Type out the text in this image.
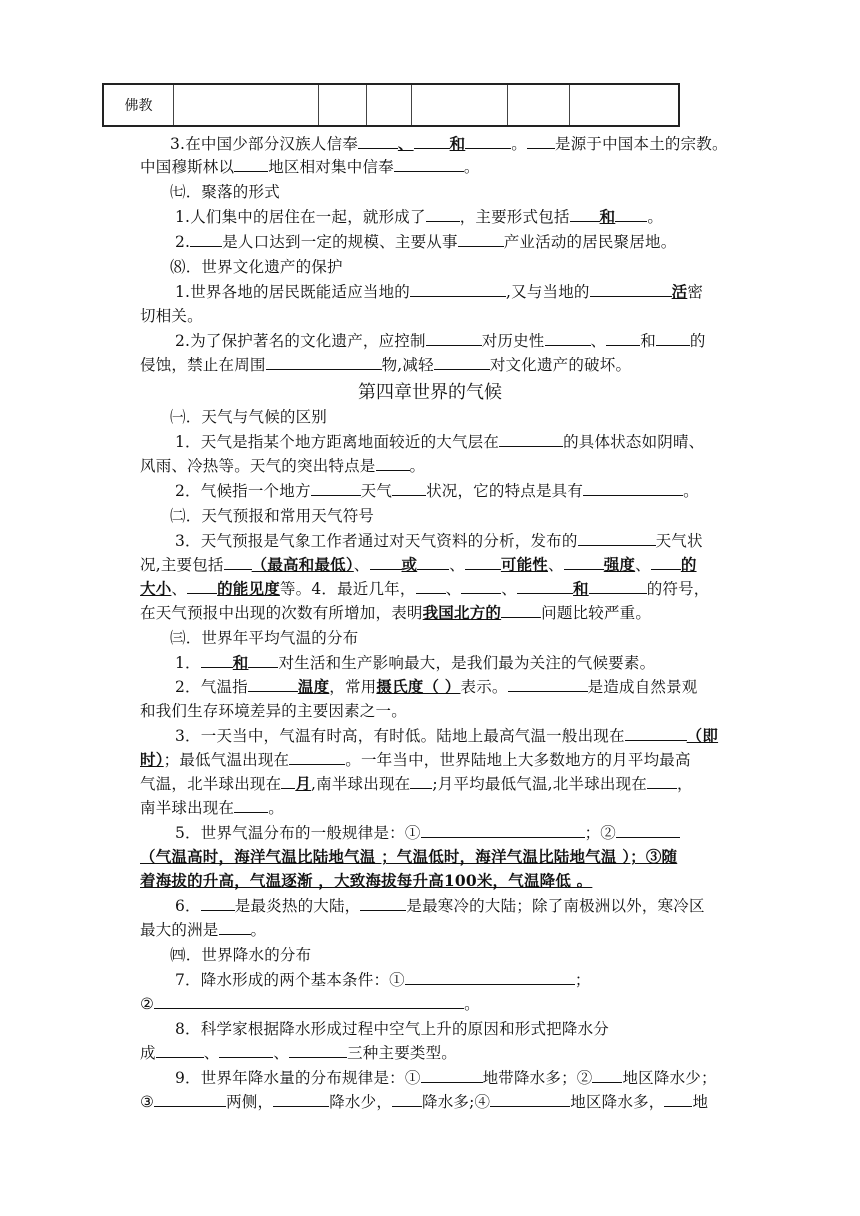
佛教
3.在中国少部分汉族人信奉	、 和	。 是源于中国本土的宗教。
中国穆斯林以 地区相对集中信奉	。
㈦．聚落的形式
1.人们集中的居住在一起，就形成了 ，主要形式包括 和 。
2. 是人口达到一定的规模、主要从事	产业活动的居民聚居地。
⑻．世界文化遗产的保护
1.世界各地的居民既能适应当地的	,又与当地的	活密
切相关。
2.为了保护著名的文化遗产，应控制	对历史性	、 和 的
侵蚀，禁止在周围	物,减轻	对文化遗产的破坏。
第四章世界的气候
㈠．天气与气候的区别
1．天气是指某个地方距离地面较近的大气层在	的具体状态如阴晴、
风雨、冷热等。天气的突出特点是 。
2．气候指一个地方	天气 状况，它的特点是具有	。
㈡．天气预报和常用天气符号
3．天气预报是气象工作者通过对天气资料的分析，发布的	天气状
况,主要包括 （最高和最低）、 或 、 可能性、	强度、 的
大小、 的能见度等。4．最近几年， 、	、	和	的符号，
在天气预报中出现的次数有所增加，表明我国北方的	问题比较严重。
㈢．世界年平均气温的分布
1． 和 对生活和生产影响最大，是我们最为关注的气候要素。
2．气温指	温度，常用摄氏度（ ）表示。	是造成自然景观
和我们生存环境差异的主要因素之一。
3．一天当中，气温有时高，有时低。陆地上最高气温一般出现在	（即
时）；最低气温出现在	。一年当中，世界陆地上大多数地方的月平均最高
气温，北半球出现在 月,南半球出现在 ;月平均最低气温,北半球出现在 ，
南半球出现在 。
5．世界气温分布的一般规律是：①	；②
（气温高时，海洋气温比陆地气温 ；气温低时，海洋气温比陆地气温 ）；③随
着海拔的升高，气温逐渐 ，大致海拔每升高100米，气温降低 。
6． 是最炎热的大陆，	是最寒冷的大陆；除了南极洲以外，寒冷区
最大的洲是 。
㈣．世界降水的分布
7．降水形成的两个基本条件：①	；
②	。
8．科学家根据降水形成过程中空气上升的原因和形式把降水分
成	、	、	三种主要类型。
9．世界年降水量的分布规律是：①	地带降水多；② 地区降水少；
③	两侧，	降水少， 降水多;④	地区降水多， 地
